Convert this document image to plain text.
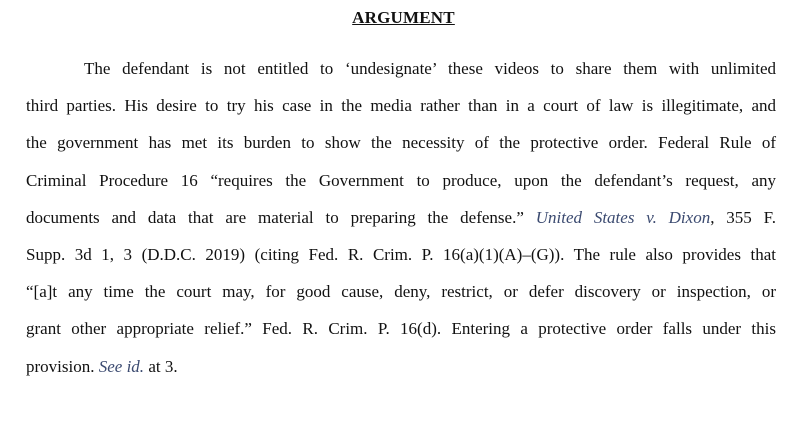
ARGUMENT
The defendant is not entitled to ‘undesignate’ these videos to share them with unlimited
third parties. His desire to try his case in the media rather than in a court of law is illegitimate, and
the government has met its burden to show the necessity of the protective order. Federal Rule of
Criminal Procedure 16 “requires the Government to produce, upon the defendant’s request, any
documents and data that are material to preparing the defense.” United States v. Dixon, 355 F.
Supp. 3d 1, 3 (D.D.C. 2019) (citing Fed. R. Crim. P. 16(a)(1)(A)–(G)). The rule also provides that
“[a]t any time the court may, for good cause, deny, restrict, or defer discovery or inspection, or
grant other appropriate relief.” Fed. R. Crim. P. 16(d). Entering a protective order falls under this
provision. See id. at 3.
